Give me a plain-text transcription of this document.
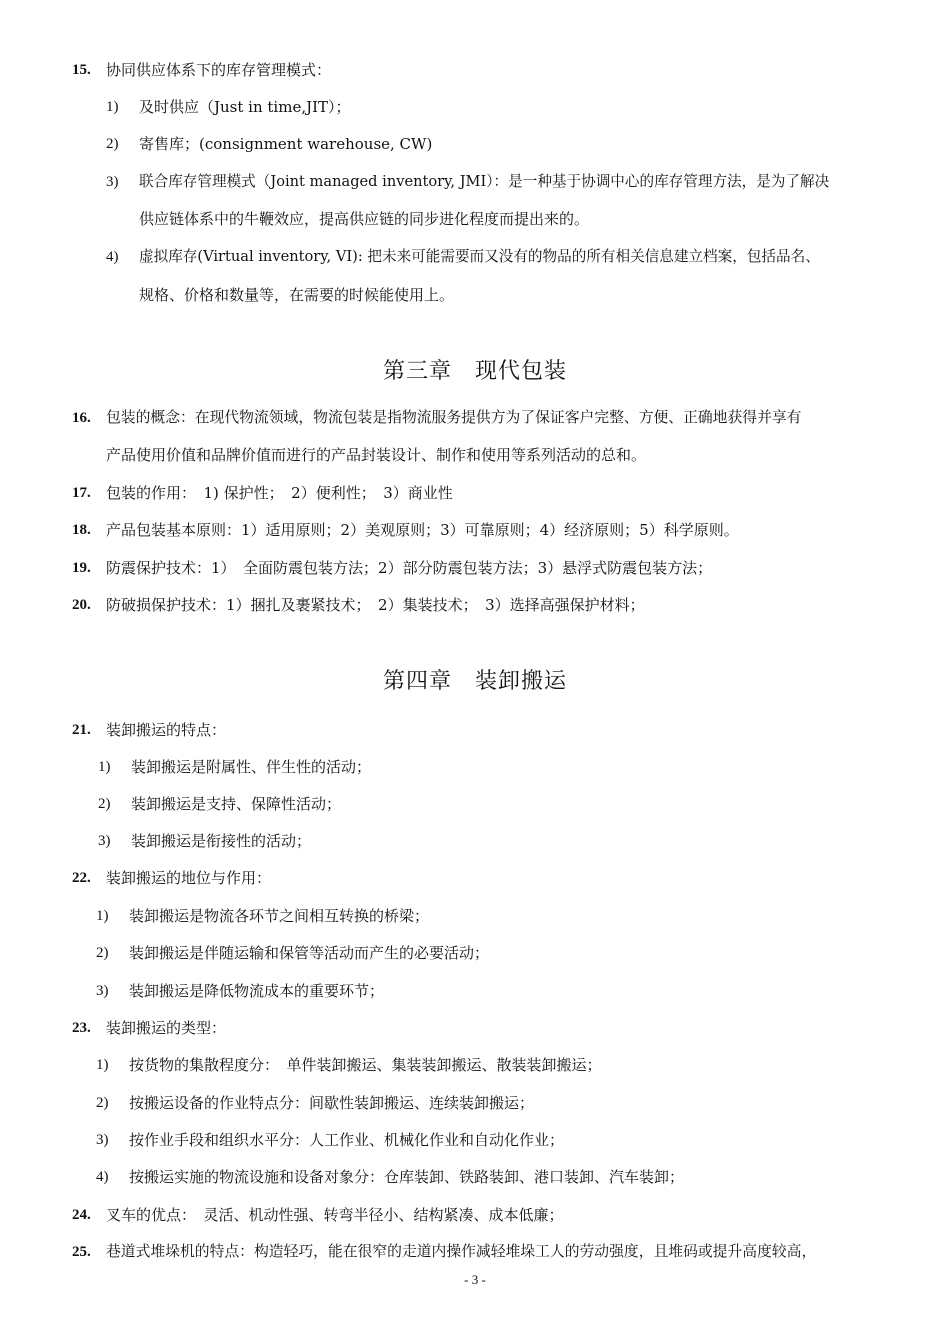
15. 协同供应体系下的库存管理模式：
1) 及时供应（Just in time,JIT）；
2) 寄售库；(consignment warehouse, CW)
3) 联合库存管理模式（Joint managed inventory, JMI）：是一种基于协调中心的库存管理方法，是为了解决
供应链体系中的牛鞭效应，提高供应链的同步进化程度而提出来的。
4) 虚拟库存(Virtual inventory, VI): 把未来可能需要而又没有的物品的所有相关信息建立档案，包括品名、
规格、价格和数量等，在需要的时候能使用上。
第三章　现代包装
16. 包装的概念：在现代物流领域，物流包装是指物流服务提供方为了保证客户完整、方便、正确地获得并享有
产品使用价值和品牌价值而进行的产品封装设计、制作和使用等系列活动的总和。
17. 包装的作用：　1) 保护性；　2）便利性；　3）商业性
18. 产品包装基本原则：1）适用原则；2）美观原则；3）可靠原则；4）经济原则；5）科学原则。
19. 防震保护技术：1）　全面防震包装方法；2）部分防震包装方法；3）悬浮式防震包装方法；
20. 防破损保护技术：1）捆扎及裹紧技术；　2）集装技术；　3）选择高强保护材料；
第四章　装卸搬运
21. 装卸搬运的特点：
1) 装卸搬运是附属性、伴生性的活动；
2) 装卸搬运是支持、保障性活动；
3) 装卸搬运是衔接性的活动；
22. 装卸搬运的地位与作用：
1) 装卸搬运是物流各环节之间相互转换的桥梁；
2) 装卸搬运是伴随运输和保管等活动而产生的必要活动；
3) 装卸搬运是降低物流成本的重要环节；
23. 装卸搬运的类型：
1) 按货物的集散程度分：　单件装卸搬运、集装装卸搬运、散装装卸搬运；
2) 按搬运设备的作业特点分：间歇性装卸搬运、连续装卸搬运；
3) 按作业手段和组织水平分：人工作业、机械化作业和自动化作业；
4) 按搬运实施的物流设施和设备对象分：仓库装卸、铁路装卸、港口装卸、汽车装卸；
24. 叉车的优点：　灵活、机动性强、转弯半径小、结构紧凑、成本低廉；
25. 巷道式堆垛机的特点：构造轻巧，能在很窄的走道内操作减轻堆垛工人的劳动强度，且堆码或提升高度较高，
- 3 -
